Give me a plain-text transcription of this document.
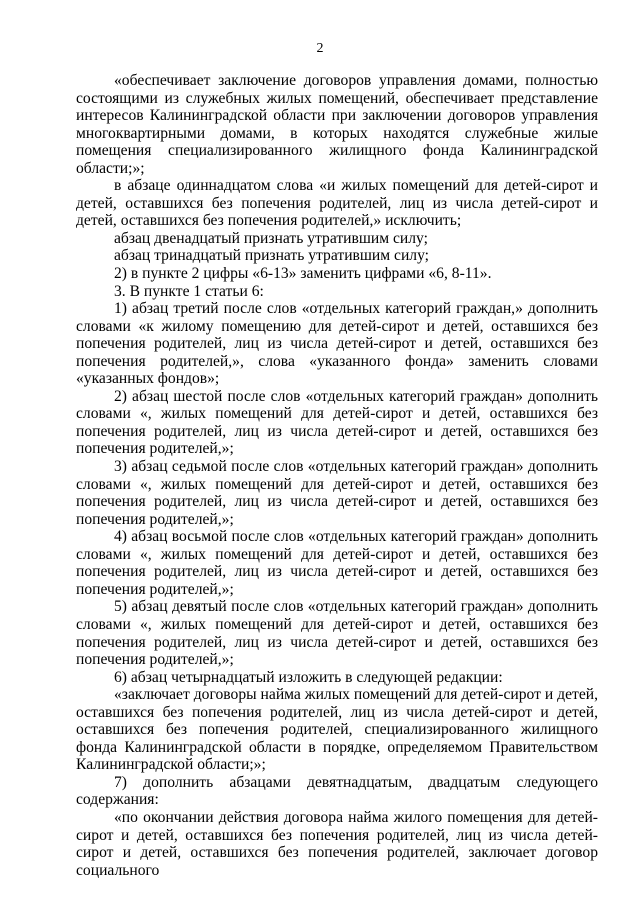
2

«обеспечивает заключение договоров управления домами, полностью состоящими из служебных жилых помещений, обеспечивает представление интересов Калининградской области при заключении договоров управления многоквартирными домами, в которых находятся служебные жилые помещения специализированного жилищного фонда Калининградской области;»;

в абзаце одиннадцатом слова «и жилых помещений для детей-сирот и детей, оставшихся без попечения родителей, лиц из числа детей-сирот и детей, оставшихся без попечения родителей,» исключить;

абзац двенадцатый признать утратившим силу;

абзац тринадцатый признать утратившим силу;

2) в пункте 2 цифры «6-13» заменить цифрами «6, 8-11».

3. В пункте 1 статьи 6:

1) абзац третий после слов «отдельных категорий граждан,» дополнить словами «к жилому помещению для детей-сирот и детей, оставшихся без попечения родителей, лиц из числа детей-сирот и детей, оставшихся без попечения родителей,», слова «указанного фонда» заменить словами «указанных фондов»;

2) абзац шестой после слов «отдельных категорий граждан» дополнить словами «, жилых помещений для детей-сирот и детей, оставшихся без попечения родителей, лиц из числа детей-сирот и детей, оставшихся без попечения родителей,»;

3) абзац седьмой после слов «отдельных категорий граждан» дополнить словами «, жилых помещений для детей-сирот и детей, оставшихся без попечения родителей, лиц из числа детей-сирот и детей, оставшихся без попечения родителей,»;

4) абзац восьмой после слов «отдельных категорий граждан» дополнить словами «, жилых помещений для детей-сирот и детей, оставшихся без попечения родителей, лиц из числа детей-сирот и детей, оставшихся без попечения родителей,»;

5) абзац девятый после слов «отдельных категорий граждан» дополнить словами «, жилых помещений для детей-сирот и детей, оставшихся без попечения родителей, лиц из числа детей-сирот и детей, оставшихся без попечения родителей,»;

6) абзац четырнадцатый изложить в следующей редакции:

«заключает договоры найма жилых помещений для детей-сирот и детей, оставшихся без попечения родителей, лиц из числа детей-сирот и детей, оставшихся без попечения родителей, специализированного жилищного фонда Калининградской области в порядке, определяемом Правительством Калининградской области;»;

7) дополнить абзацами девятнадцатым, двадцатым следующего содержания:

«по окончании действия договора найма жилого помещения для детей-сирот и детей, оставшихся без попечения родителей, лиц из числа детей-сирот и детей, оставшихся без попечения родителей, заключает договор социального
